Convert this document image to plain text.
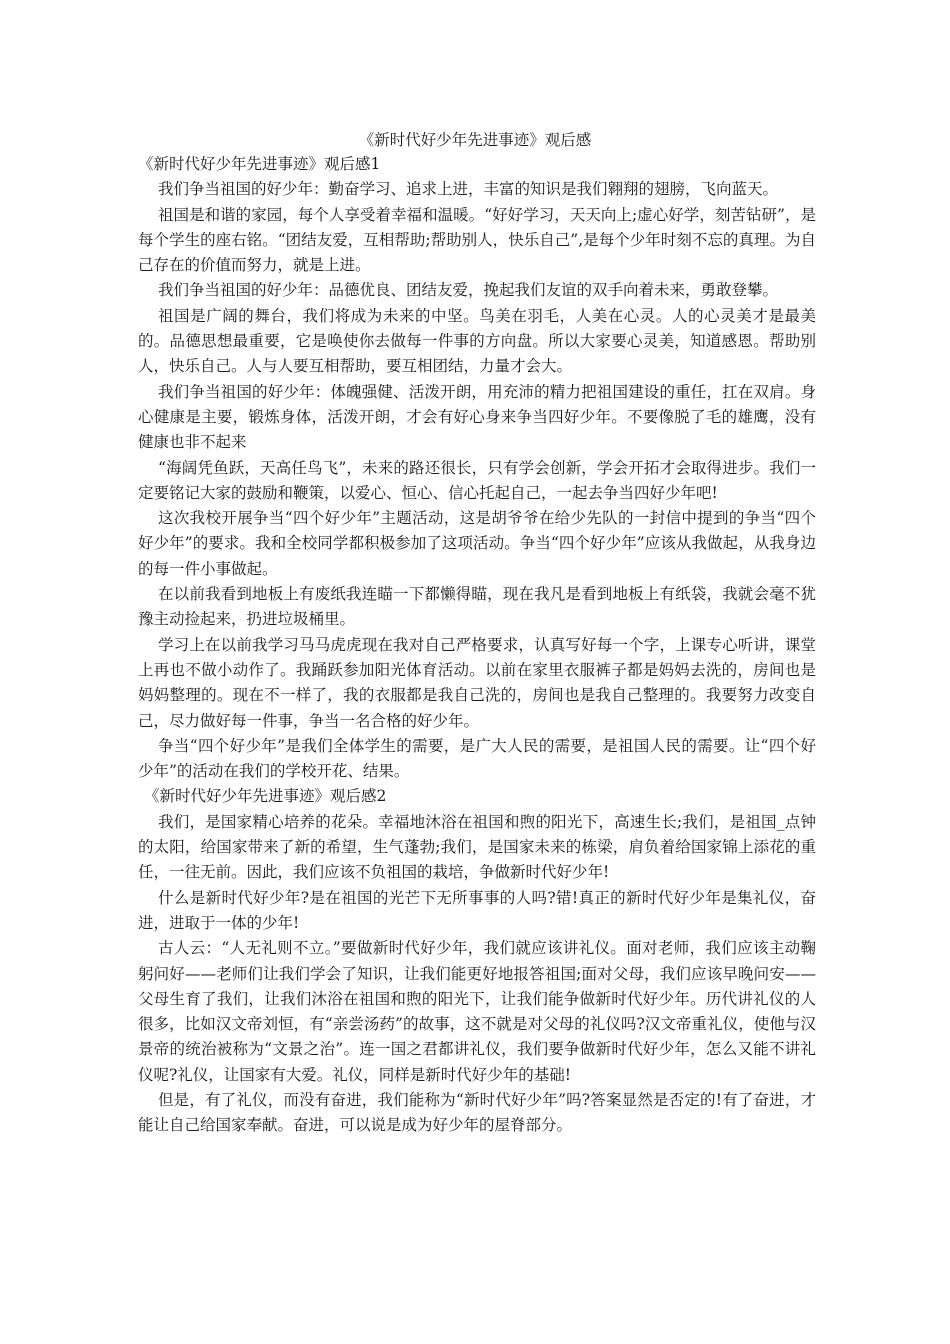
《新时代好少年先进事迹》观后感
《新时代好少年先进事迹》观后感1

我们争当祖国的好少年：勤奋学习、追求上进，丰富的知识是我们翱翔的翅膀，飞向蓝天。

祖国是和谐的家园，每个人享受着幸福和温暖。“好好学习，天天向上;虚心好学，刻苦钻研”，是每个学生的座右铭。“团结友爱，互相帮助;帮助别人，快乐自己”,是每个少年时刻不忘的真理。为自己存在的价值而努力，就是上进。

我们争当祖国的好少年：品德优良、团结友爱，挽起我们友谊的双手向着未来，勇敢登攀。

祖国是广阔的舞台，我们将成为未来的中坚。鸟美在羽毛，人美在心灵。人的心灵美才是最美的。品德思想最重要，它是唤使你去做每一件事的方向盘。所以大家要心灵美，知道感恩。帮助别人，快乐自己。人与人要互相帮助，要互相团结，力量才会大。

我们争当祖国的好少年：体魄强健、活泼开朗，用充沛的精力把祖国建设的重任，扛在双肩。身心健康是主要，锻炼身体，活泼开朗，才会有好心身来争当四好少年。不要像脱了毛的雄鹰，没有健康也非不起来

“海阔凭鱼跃，天高任鸟飞”，未来的路还很长，只有学会创新，学会开拓才会取得进步。我们一定要铭记大家的鼓励和鞭策，以爱心、恒心、信心托起自己，一起去争当四好少年吧!

这次我校开展争当“四个好少年”主题活动，这是胡爷爷在给少先队的一封信中提到的争当“四个好少年”的要求。我和全校同学都积极参加了这项活动。争当“四个好少年”应该从我做起，从我身边的每一件小事做起。

在以前我看到地板上有废纸我连瞄一下都懒得瞄，现在我凡是看到地板上有纸袋，我就会毫不犹豫主动捡起来，扔进垃圾桶里。

学习上在以前我学习马马虎虎现在我对自己严格要求，认真写好每一个字，上课专心听讲，课堂上再也不做小动作了。我踊跃参加阳光体育活动。以前在家里衣服裤子都是妈妈去洗的，房间也是妈妈整理的。现在不一样了，我的衣服都是我自己洗的，房间也是我自己整理的。我要努力改变自己，尽力做好每一件事，争当一名合格的好少年。

争当“四个好少年”是我们全体学生的需要，是广大人民的需要，是祖国人民的需要。让“四个好少年”的活动在我们的学校开花、结果。

《新时代好少年先进事迹》观后感2

我们，是国家精心培养的花朵。幸福地沐浴在祖国和煦的阳光下，高速生长;我们，是祖国_点钟的太阳，给国家带来了新的希望，生气蓬勃;我们，是国家未来的栋梁，肩负着给国家锦上添花的重任，一往无前。因此，我们应该不负祖国的栽培，争做新时代好少年!

什么是新时代好少年?是在祖国的光芒下无所事事的人吗?错!真正的新时代好少年是集礼仪，奋进，进取于一体的少年!

古人云：“人无礼则不立。”要做新时代好少年，我们就应该讲礼仪。面对老师，我们应该主动鞠躬问好——老师们让我们学会了知识，让我们能更好地报答祖国;面对父母，我们应该早晚问安——父母生育了我们，让我们沐浴在祖国和煦的阳光下，让我们能争做新时代好少年。历代讲礼仪的人很多，比如汉文帝刘恒，有“亲尝汤药”的故事，这不就是对父母的礼仪吗?汉文帝重礼仪，使他与汉景帝的统治被称为“文景之治”。连一国之君都讲礼仪，我们要争做新时代好少年，怎么又能不讲礼仪呢?礼仪，让国家有大爱。礼仪，同样是新时代好少年的基础!

但是，有了礼仪，而没有奋进，我们能称为“新时代好少年”吗?答案显然是否定的!有了奋进，才能让自己给国家奉献。奋进，可以说是成为好少年的屋脊部分。
